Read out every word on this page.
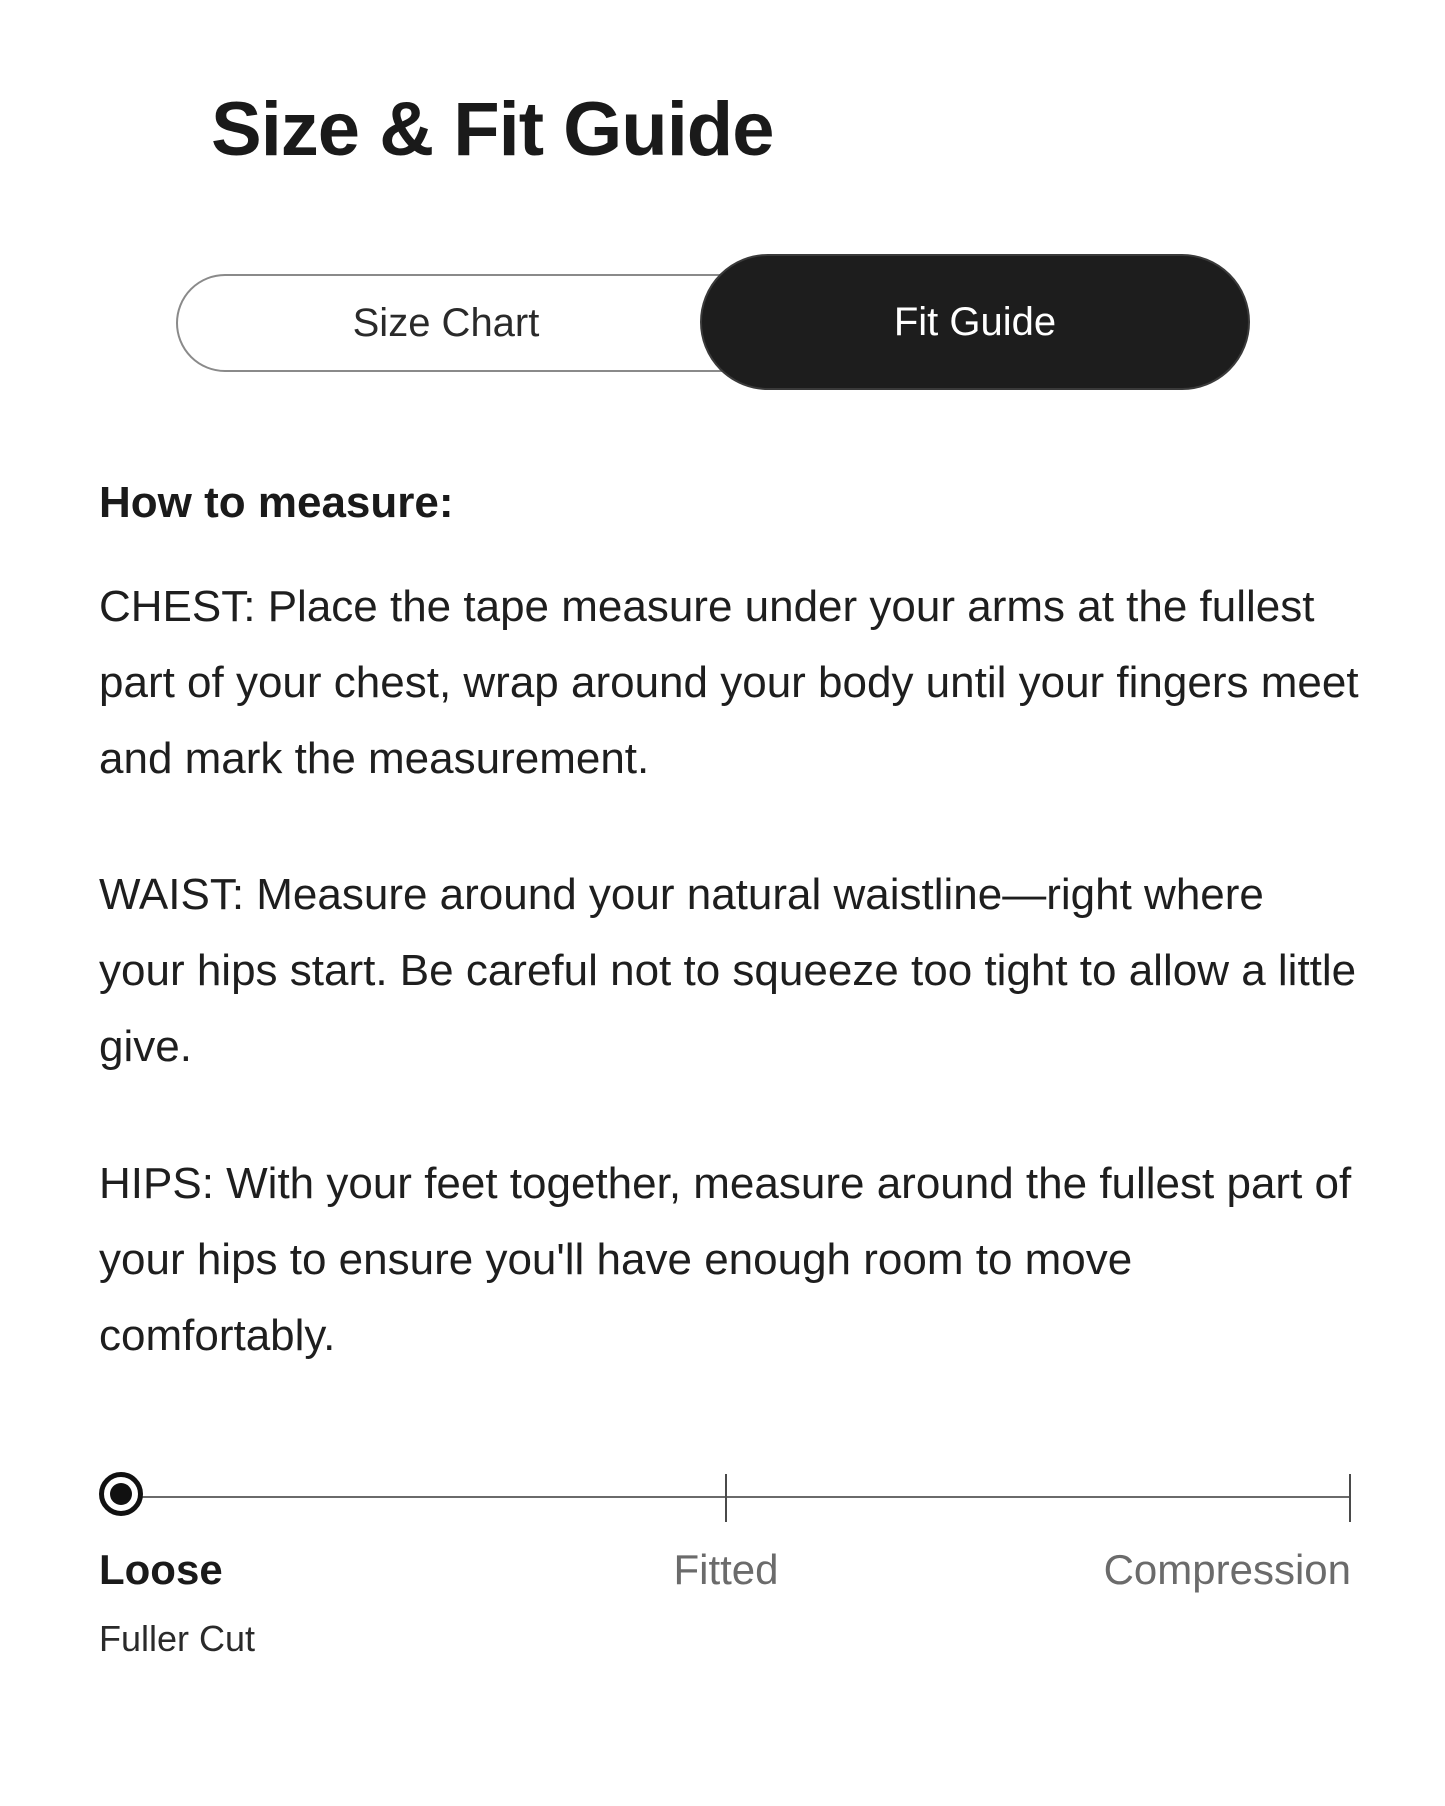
Size & Fit Guide
Size Chart	Fit Guide
How to measure:

CHEST: Place the tape measure under your arms at the fullest part of your chest, wrap around your body until your fingers meet and mark the measurement.

WAIST: Measure around your natural waistline—right where your hips start. Be careful not to squeeze too tight to allow a little give.

HIPS: With your feet together, measure around the fullest part of your hips to ensure you'll have enough room to move comfortably.

Loose	Fitted	Compression
Fuller Cut
